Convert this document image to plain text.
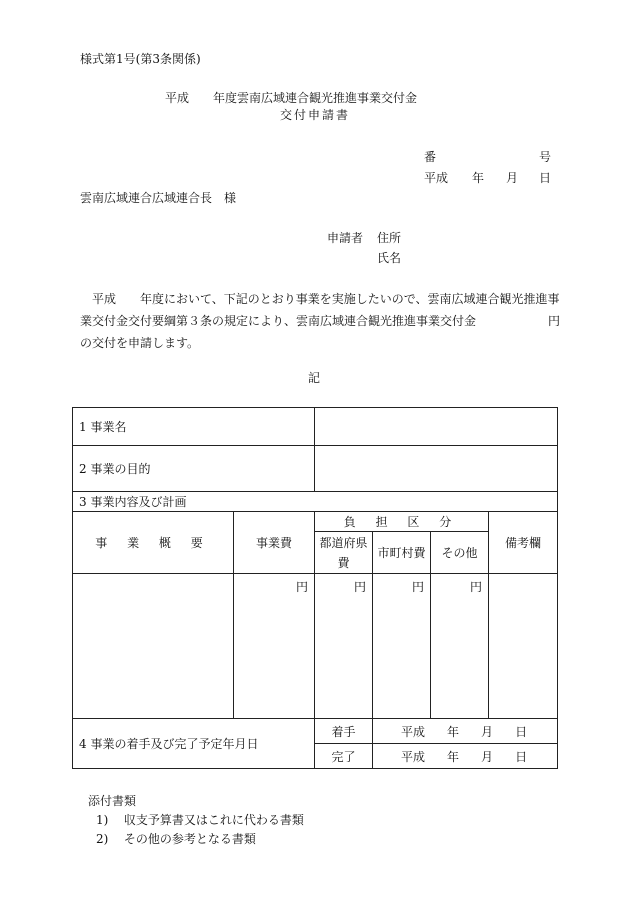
様式第1号(第3条関係)
平成　　年度雲南広域連合観光推進事業交付金
交付申請書
番	号
平成 年 月 日
雲南広域連合広域連合長　様
申請者 住所
氏名
平成　　年度において、下記のとおり事業を実施したいので、雲南広域連合観光推進事業交付金交付要綱第３条の規定により、雲南広域連合観光推進事業交付金　　　　　　円の交付を申請します。
記
1 事業名					
2 事業の目的					
3 事業内容及び計画					
事 業 概 要	事業費	負 担 区 分			備考欄
		都道府県費	市町村費	その他	
	円	円	円	円	
4 事業の着手及び完了予定年月日		着手	平成 年 月 日		
		完了	平成 年 月 日		
添付書類
1) 収支予算書又はこれに代わる書類
2) その他の参考となる書類
